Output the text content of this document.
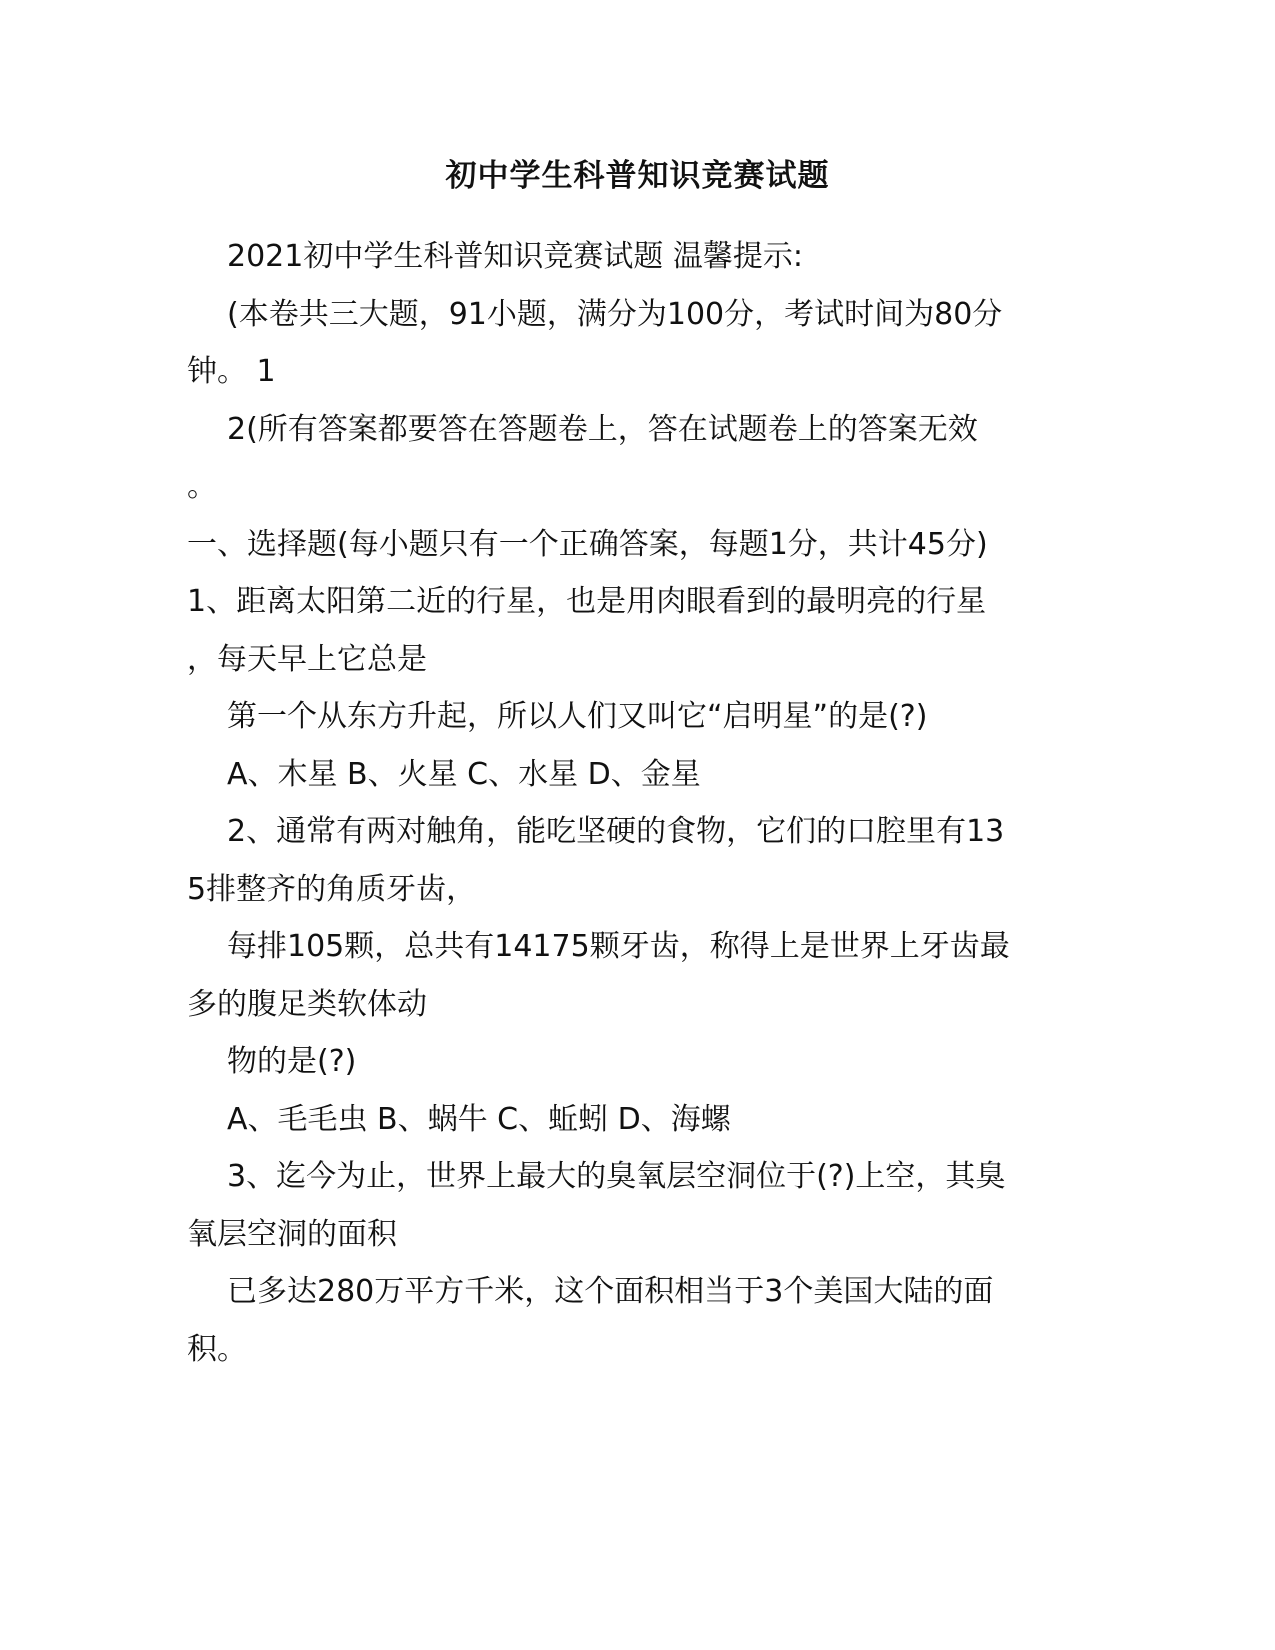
初中学生科普知识竞赛试题
2021初中学生科普知识竞赛试题 温馨提示:
(本卷共三大题，91小题，满分为100分，考试时间为80分
钟。 1
2(所有答案都要答在答题卷上，答在试题卷上的答案无效
。
一、选择题(每小题只有一个正确答案，每题1分，共计45分)
1、距离太阳第二近的行星，也是用肉眼看到的最明亮的行星
，每天早上它总是
第一个从东方升起，所以人们又叫它“启明星”的是(?)
A、木星 B、火星 C、水星 D、金星
2、通常有两对触角，能吃坚硬的食物，它们的口腔里有13
5排整齐的角质牙齿，
每排105颗，总共有14175颗牙齿，称得上是世界上牙齿最
多的腹足类软体动
物的是(?)
A、毛毛虫 B、蜗牛 C、蚯蚓 D、海螺
3、迄今为止，世界上最大的臭氧层空洞位于(?)上空，其臭
氧层空洞的面积
已多达280万平方千米，这个面积相当于3个美国大陆的面
积。
